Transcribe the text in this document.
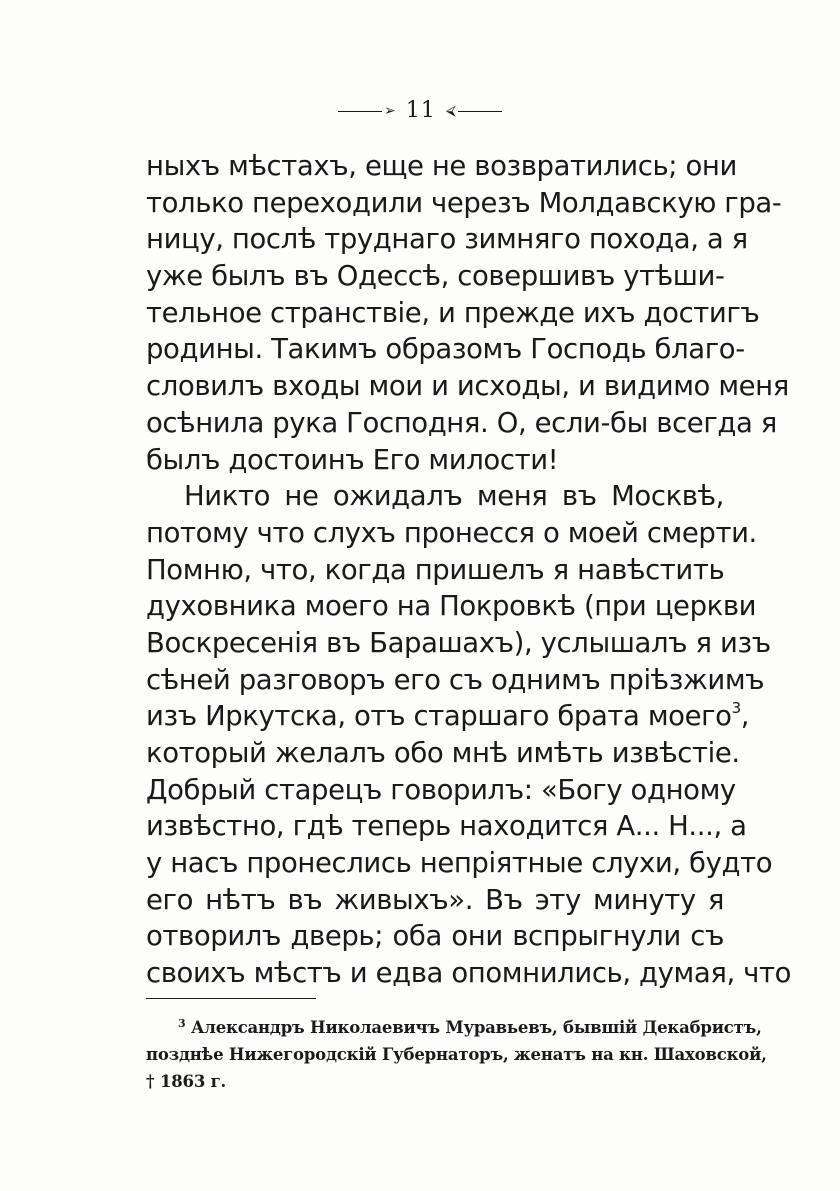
➢ 11 ⮘
ныхъ мѣстахъ, еще не возвратились; они
только переходили черезъ Молдавскую гра-
ницу, послѣ труднаго зимняго похода, а я
уже былъ въ Одессѣ, совершивъ утѣши-
тельное странствіе, и прежде ихъ достигъ
родины. Такимъ образомъ Господь благо-
словилъ входы мои и исходы, и видимо меня
осѣнила рука Господня. О, если-бы всегда я
былъ достоинъ Его милости!
Никто не ожидалъ меня въ Москвѣ,
потому что слухъ пронесся о моей смерти.
Помню, что, когда пришелъ я навѣстить
духовника моего на Покровкѣ (при церкви
Воскресенія въ Барашахъ), услышалъ я изъ
сѣней разговоръ его съ однимъ пріѣзжимъ
изъ Иркутска, отъ старшаго брата моего$^3$,
который желалъ обо мнѣ имѣть извѣстіе.
Добрый старецъ говорилъ: «Богу одному
извѣстно, гдѣ теперь находится А... Н..., а
у насъ пронеслись непріятные слухи, будто
его нѣтъ въ живыхъ». Въ эту минуту я
отворилъ дверь; оба они вспрыгнули съ
своихъ мѣстъ и едва опомнились, думая, что
$^3$ Александръ Николаевичъ Муравьевъ, бывшій Декабристъ,
позднѣе Нижегородскій Губернаторъ, женатъ на кн. Шаховской,
† 1863 г.
